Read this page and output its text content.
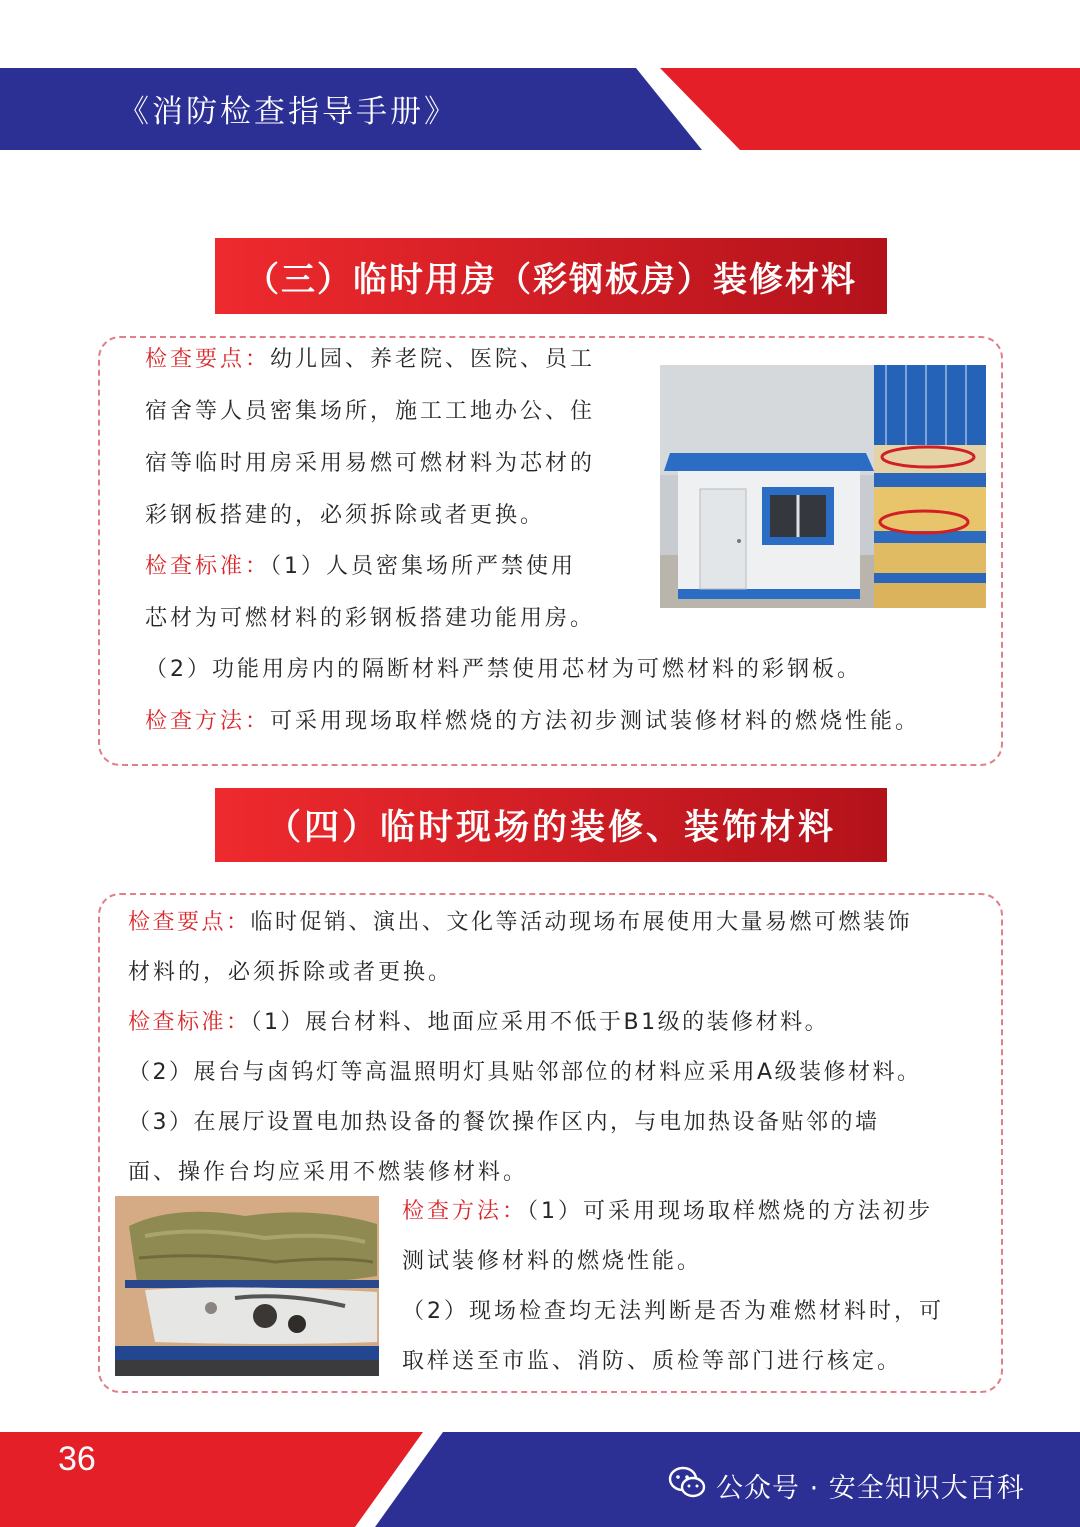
《消防检查指导手册》
（三）临时用房（彩钢板房）装修材料
检查要点：幼儿园、养老院、医院、员工
宿舍等人员密集场所，施工工地办公、住
宿等临时用房采用易燃可燃材料为芯材的
彩钢板搭建的，必须拆除或者更换。
检查标准：（1）人员密集场所严禁使用
芯材为可燃材料的彩钢板搭建功能用房。
（2）功能用房内的隔断材料严禁使用芯材为可燃材料的彩钢板。
检查方法：可采用现场取样燃烧的方法初步测试装修材料的燃烧性能。
（四）临时现场的装修、装饰材料
检查要点：临时促销、演出、文化等活动现场布展使用大量易燃可燃装饰
材料的，必须拆除或者更换。
检查标准：（1）展台材料、地面应采用不低于B1级的装修材料。
（2）展台与卤钨灯等高温照明灯具贴邻部位的材料应采用A级装修材料。
（3）在展厅设置电加热设备的餐饮操作区内，与电加热设备贴邻的墙
面、操作台均应采用不燃装修材料。
检查方法：（1）可采用现场取样燃烧的方法初步
测试装修材料的燃烧性能。
（2）现场检查均无法判断是否为难燃材料时，可
取样送至市监、消防、质检等部门进行核定。
36
公众号 · 安全知识大百科
